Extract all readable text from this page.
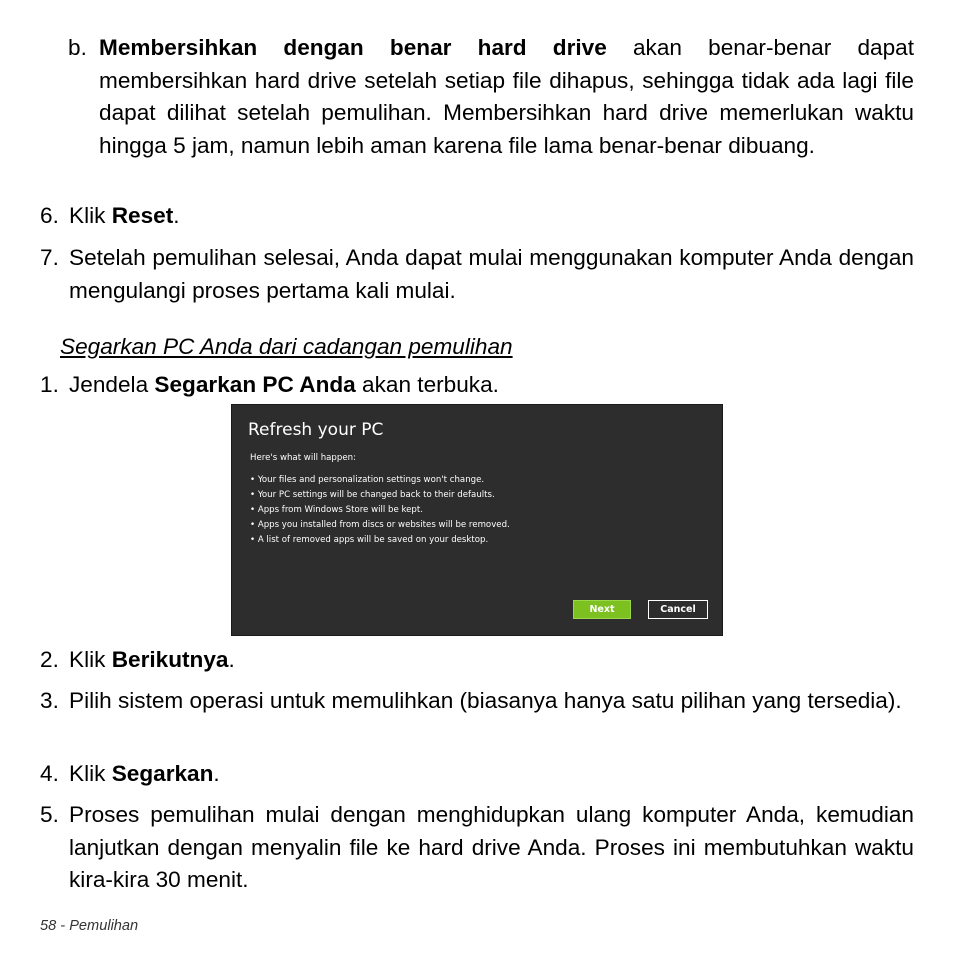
b. Membersihkan dengan benar hard drive akan benar-benar dapat membersihkan hard drive setelah setiap file dihapus, sehingga tidak ada lagi file dapat dilihat setelah pemulihan. Membersihkan hard drive memerlukan waktu hingga 5 jam, namun lebih aman karena file lama benar-benar dibuang.
6. Klik Reset.
7. Setelah pemulihan selesai, Anda dapat mulai menggunakan komputer Anda dengan mengulangi proses pertama kali mulai.
Segarkan PC Anda dari cadangan pemulihan
1. Jendela Segarkan PC Anda akan terbuka.
Refresh your PC
Here's what will happen:
• Your files and personalization settings won't change.
• Your PC settings will be changed back to their defaults.
• Apps from Windows Store will be kept.
• Apps you installed from discs or websites will be removed.
• A list of removed apps will be saved on your desktop.
Next	Cancel
2. Klik Berikutnya.
3. Pilih sistem operasi untuk memulihkan (biasanya hanya satu pilihan yang tersedia).
4. Klik Segarkan.
5. Proses pemulihan mulai dengan menghidupkan ulang komputer Anda, kemudian lanjutkan dengan menyalin file ke hard drive Anda. Proses ini membutuhkan waktu kira-kira 30 menit.
58 - Pemulihan
